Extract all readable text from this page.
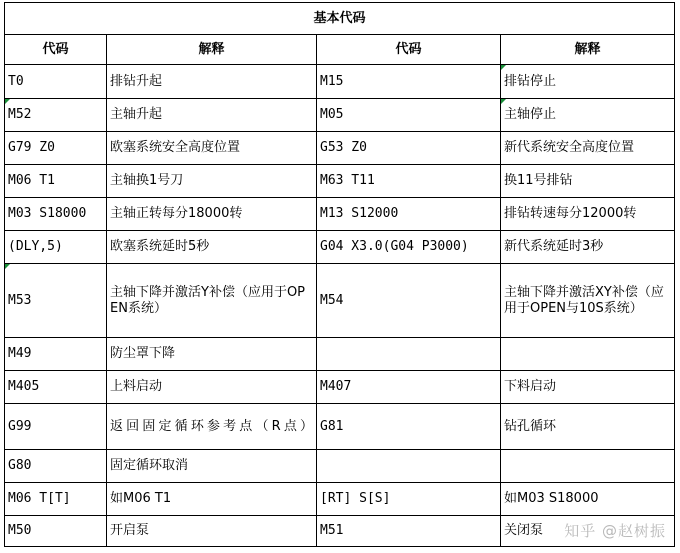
基本代码			
代码	解释	代码	解释
T0	排钻升起	M15	排钻停止
M52	主轴升起	M05	主轴停止
G79 Z0	欧塞系统安全高度位置	G53 Z0	新代系统安全高度位置
M06 T1	主轴换1号刀	M63 T11	换11号排钻
M03 S18000	主轴正转每分18000转	M13 S12000	排钻转速每分12000转
(DLY,5)	欧塞系统延时5秒	G04 X3.0(G04 P3000)	新代系统延时3秒
M53	主轴下降并激活Y补偿（应用于OPEN系统）	M54	主轴下降并激活XY补偿（应用于OPEN与10S系统）
M49	防尘罩下降		
M405	上料启动	M407	下料启动
G99	返回固定循环参考点（R点）	G81	钻孔循环
G80	固定循环取消		
M06 T[T]	如M06 T1	[RT] S[S]	如M03 S18000
M50	开启泵	M51	关闭泵 知乎 @赵树振
